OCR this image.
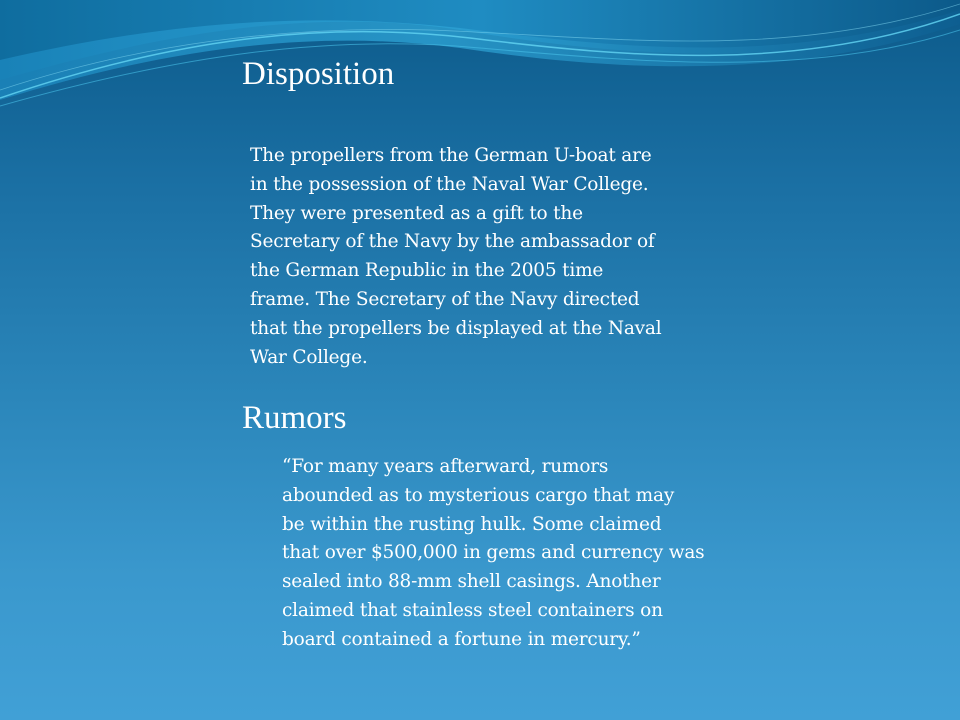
Disposition

The propellers from the German U-boat are
in the possession of the Naval War College.
They were presented as a gift to the
Secretary of the Navy by the ambassador of
the German Republic in the 2005 time
frame. The Secretary of the Navy directed
that the propellers be displayed at the Naval
War College.

Rumors

“For many years afterward, rumors
abounded as to mysterious cargo that may
be within the rusting hulk. Some claimed
that over $500,000 in gems and currency was
sealed into 88-mm shell casings. Another
claimed that stainless steel containers on
board contained a fortune in mercury.”
